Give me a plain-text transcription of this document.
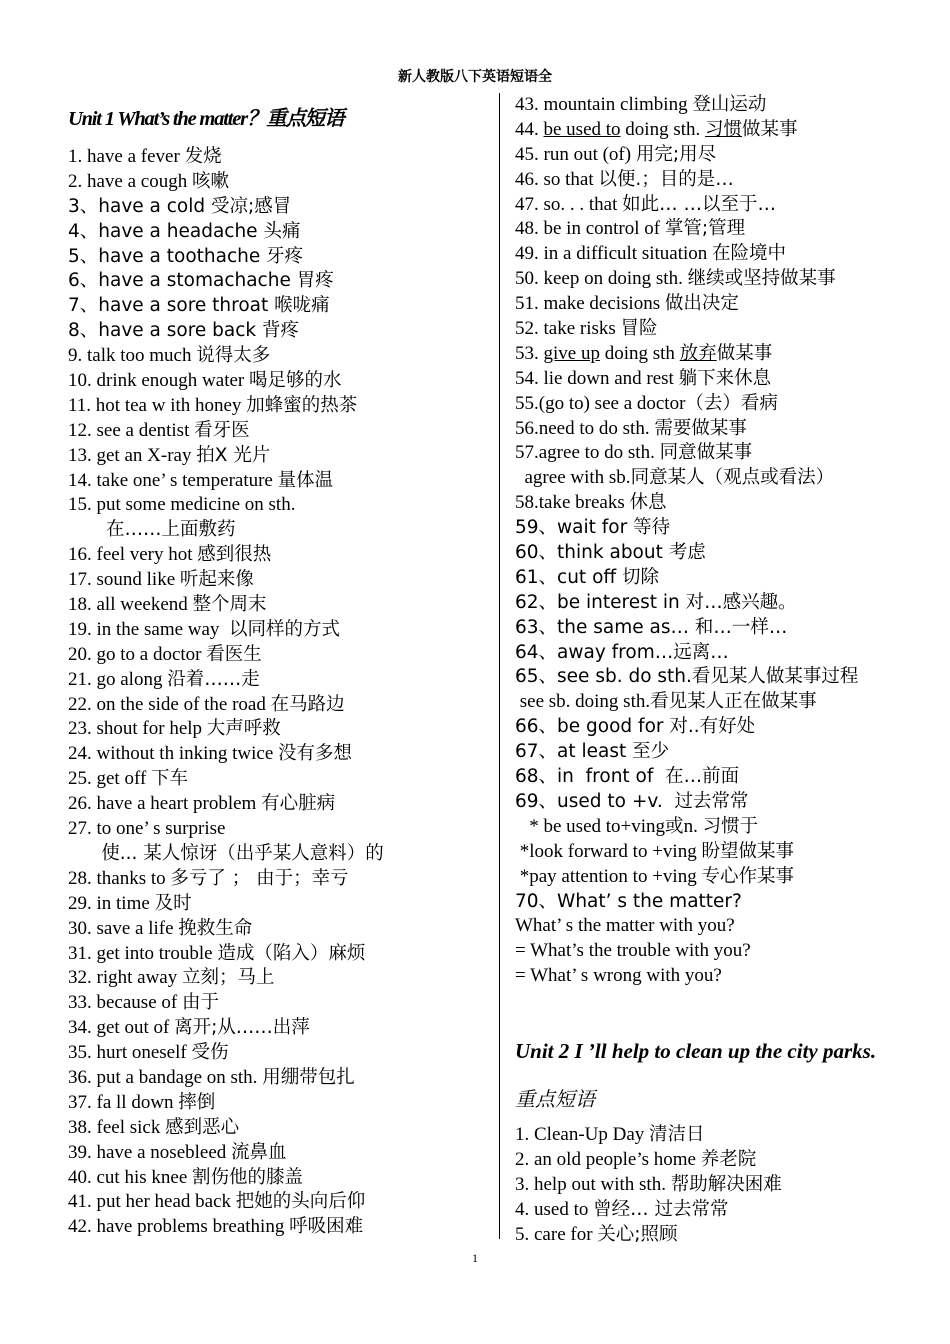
新人教版八下英语短语全
Unit 1 What’s the matter？重点短语
1. have a fever 发烧
2. have a cough 咳嗽
3、have a cold 受凉;感冒
4、have a headache 头痛
5、have a toothache 牙疼
6、have a stomachache 胃疼
7、have a sore throat 喉咙痛
8、have a sore back 背疼
9. talk too much 说得太多
10. drink enough water 喝足够的水
11. hot tea w ith honey 加蜂蜜的热茶
12. see a dentist 看牙医
13. get an X-ray 拍X 光片
14. take one’ s temperature 量体温
15. put some medicine on sth.
在……上面敷药
16. feel very hot 感到很热
17. sound like 听起来像
18. all weekend 整个周末
19. in the same way  以同样的方式
20. go to a doctor 看医生
21. go along 沿着……走
22. on the side of the road 在马路边
23. shout for help 大声呼救
24. without th inking twice 没有多想
25. get off 下车
26. have a heart problem 有心脏病
27. to one’ s surprise
使... 某人惊讶（出乎某人意料）的
28. thanks to 多亏了 ； 由于；幸亏
29. in time 及时
30. save a life 挽救生命
31. get into trouble 造成（陷入）麻烦
32. right away 立刻；马上
33. because of 由于
34. get out of 离开;从……出萍
35. hurt oneself 受伤
36. put a bandage on sth. 用绷带包扎
37. fa ll down 摔倒
38. feel sick 感到恶心
39. have a nosebleed 流鼻血
40. cut his knee 割伤他的膝盖
41. put her head back 把她的头向后仰
42. have problems breathing 呼吸困难
43. mountain climbing 登山运动
44. be used to doing sth. 习惯做某事
45. run out (of) 用完;用尽
46. so that 以便.；目的是…
47. so. . . that 如此… …以至于…
48. be in control of 掌管;管理
49. in a difficult situation 在险境中
50. keep on doing sth. 继续或坚持做某事
51. make decisions 做出决定
52. take risks 冒险
53. give up doing sth 放弃做某事
54. lie down and rest 躺下来休息
55.(go to) see a doctor（去）看病
56.need to do sth. 需要做某事
57.agree to do sth. 同意做某事
agree with sb.同意某人（观点或看法）
58.take breaks 休息
59、wait for 等待
60、think about 考虑
61、cut off 切除
62、be interest in 对…感兴趣。
63、the same as… 和…一样…
64、away from…远离…
65、see sb. do sth.看见某人做某事过程
see sb. doing sth.看见某人正在做某事
66、be good for 对..有好处
67、at least 至少
68、in  front of  在…前面
69、used to +v.  过去常常
* be used to+ving或n. 习惯于
*look forward to +ving 盼望做某事
*pay attention to +ving 专心作某事
70、What’ s the matter?
What’ s the matter with you?
= What’s the trouble with you?
= What’ s wrong with you?
Unit 2 I ’ll help to clean up the city parks.
重点短语
1. Clean-Up Day 清洁日
2. an old people’s home 养老院
3. help out with sth. 帮助解决困难
4. used to 曾经… 过去常常
5. care for 关心;照顾
1
